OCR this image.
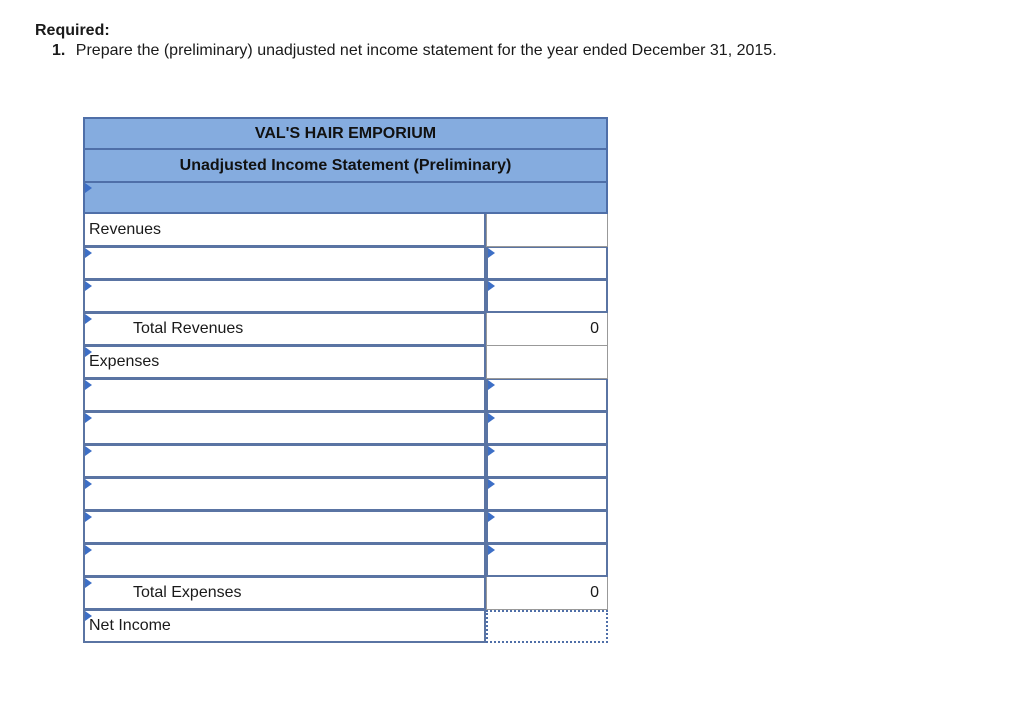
Required:
1. Prepare the (preliminary) unadjusted net income statement for the year ended December 31, 2015.
VAL'S HAIR EMPORIUM
Unadjusted Income Statement (Preliminary)
Revenues
Total Revenues	0
Expenses
Total Expenses	0
Net Income
